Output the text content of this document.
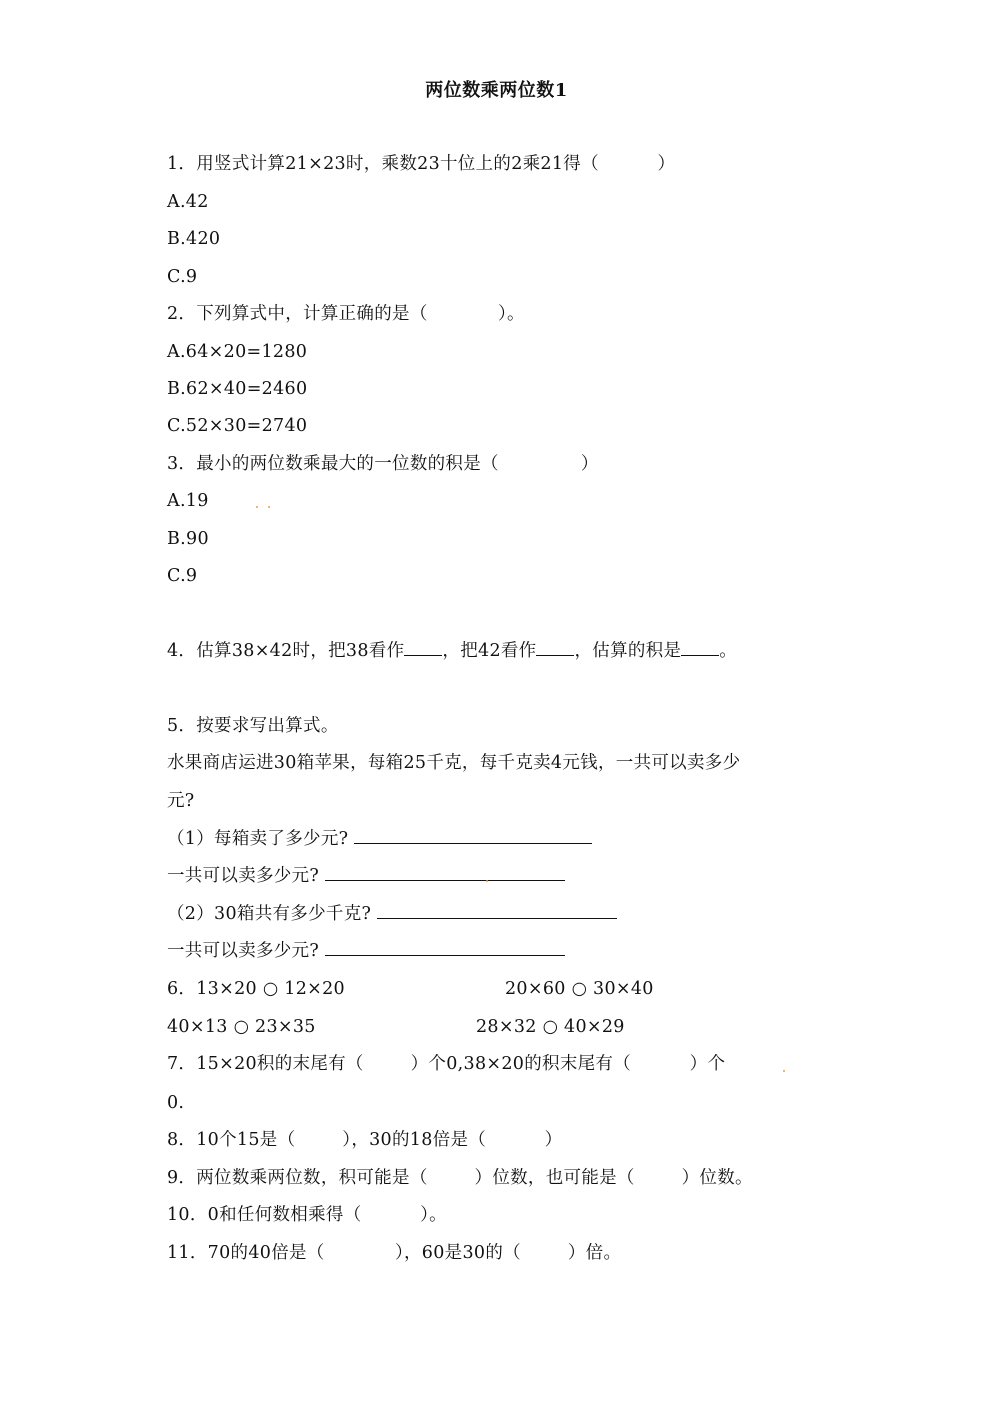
两位数乘两位数1
1．用竖式计算21×23时，乘数23十位上的2乘21得（          ）
A.42
B.420
C.9
2．下列算式中，计算正确的是（            ）。
A.64×20=1280
B.62×40=2460
C.52×30=2740
3．最小的两位数乘最大的一位数的积是（              ）
A.19
B.90
C.9
4．估算38×42时，把38看作 ，把42看作 ，估算的积是 。
5．按要求写出算式。
水果商店运进30箱苹果，每箱25千克，每千克卖4元钱，一共可以卖多少
元?
（1）每箱卖了多少元?
一共可以卖多少元?
（2）30箱共有多少千克?
一共可以卖多少元?
6．13×20 ○ 12×20	20×60 ○ 30×40
40×13 ○ 23×35	28×32 ○ 40×29
7．15×20积的末尾有（        ）个0,38×20的积末尾有（          ）个
0.
8．10个15是（        ），30的18倍是（          ）
9．两位数乘两位数，积可能是（        ）位数，也可能是（        ）位数。
10．0和任何数相乘得（          ）。
11．70的40倍是（            ），60是30的（        ）倍。
